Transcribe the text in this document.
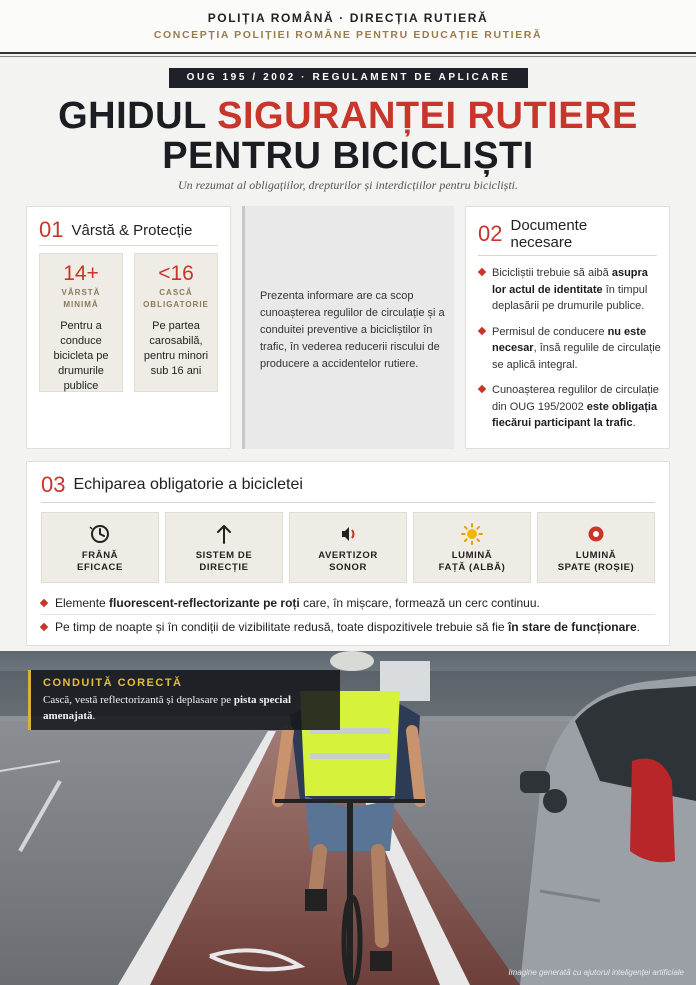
POLIȚIA ROMÂNĂ · DIRECȚIA RUTIERĂ
CONCEPȚIA POLIȚIEI ROMÂNE PENTRU EDUCAȚIE RUTIERĂ
OUG 195 / 2002 · REGULAMENT DE APLICARE
GHIDUL SIGURANȚEI RUTIERE
PENTRU BICICLIȘTI
Un rezumat al obligațiilor, drepturilor și interdicțiilor pentru bicicliști.
01 Vârstă & Protecție
14+
VÂRSTĂ
MINIMĂ
Pentru a conduce bicicleta pe drumurile publice
<16
CASCĂ
OBLIGATORIE
Pe partea carosabilă, pentru minori sub 16 ani

Prezenta informare are ca scop cunoașterea regulilor de circulație și a conduitei preventive a bicicliștilor în trafic, în vederea reducerii riscului de producere a accidentelor rutiere.

02 Documente
necesare
Bicicliștii trebuie să aibă asupra lor actul de identitate în timpul deplasării pe drumurile publice.
Permisul de conducere nu este necesar, însă regulile de circulație se aplică integral.
Cunoașterea regulilor de circulație din OUG 195/2002 este obligația fiecărui participant la trafic.
03 Echiparea obligatorie a bicicletei
FRÂNĂ
EFICACE
SISTEM DE
DIRECȚIE
AVERTIZOR
SONOR
LUMINĂ
FAȚĂ (ALBĂ)
LUMINĂ
SPATE (ROȘIE)
Elemente fluorescent-reflectorizante pe roți care, în mișcare, formează un cerc continuu.
Pe timp de noapte și în condiții de vizibilitate redusă, toate dispozitivele trebuie să fie în stare de funcționare.
CONDUITĂ CORECTĂ
Cască, vestă reflectorizantă și deplasare pe pista special amenajată.
Imagine generată cu ajutorul inteligenței artificiale
